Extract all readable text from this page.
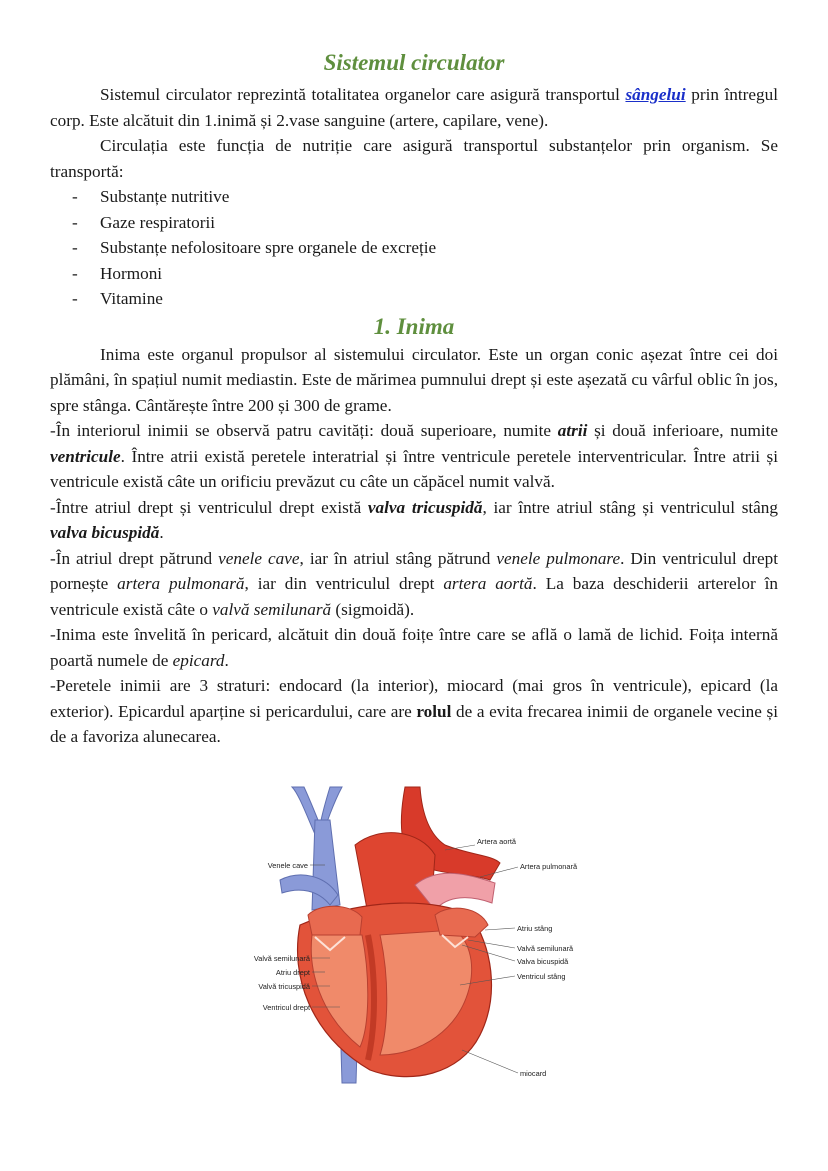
Sistemul circulator

Sistemul circulator reprezintă totalitatea organelor care asigură transportul sângelui prin întregul corp. Este alcătuit din 1.inimă și 2.vase sanguine (artere, capilare, vene).

Circulația este funcția de nutriție care asigură transportul substanțelor prin organism. Se transportă:

- Substanțe nutritive
- Gaze respiratorii
- Substanțe nefolositoare spre organele de excreție
- Hormoni
- Vitamine
1. Inima

Inima este organul propulsor al sistemului circulator. Este un organ conic așezat între cei doi plămâni, în spațiul numit mediastin. Este de mărimea pumnului drept și este așezată cu vârful oblic în jos, spre stânga. Cântărește între 200 și 300 de grame.

-În interiorul inimii se observă patru cavități: două superioare, numite atrii și două inferioare, numite ventricule. Între atrii există peretele interatrial și între ventricule peretele interventricular. Între atrii și ventricule există câte un orificiu prevăzut cu câte un căpăcel numit valvă.

-Între atriul drept și ventriculul drept există valva tricuspidă, iar între atriul stâng și ventriculul stâng valva bicuspidă.

-În atriul drept pătrund venele cave, iar în atriul stâng pătrund venele pulmonare. Din ventriculul drept pornește artera pulmonară, iar din ventriculul drept artera aortă. La baza deschiderii arterelor în ventricule există câte o valvă semilunară (sigmoidă).

-Inima este învelită în pericard, alcătuit din două foițe între care se află o lamă de lichid. Foița internă poartă numele de epicard.

-Peretele inimii are 3 straturi: endocard (la interior), miocard (mai gros în ventricule), epicard (la exterior). Epicardul aparține si pericardului, care are rolul de a evita frecarea inimii de organele vecine și de a favoriza alunecarea.

Venele cave
Valvă semilunară
Atriu drept
Valvă tricuspidă
Ventricul drept
Artera aortă
Artera pulmonară
Atriu stâng
Valvă semilunară
Valva bicuspidă
Ventricul stâng
miocard
